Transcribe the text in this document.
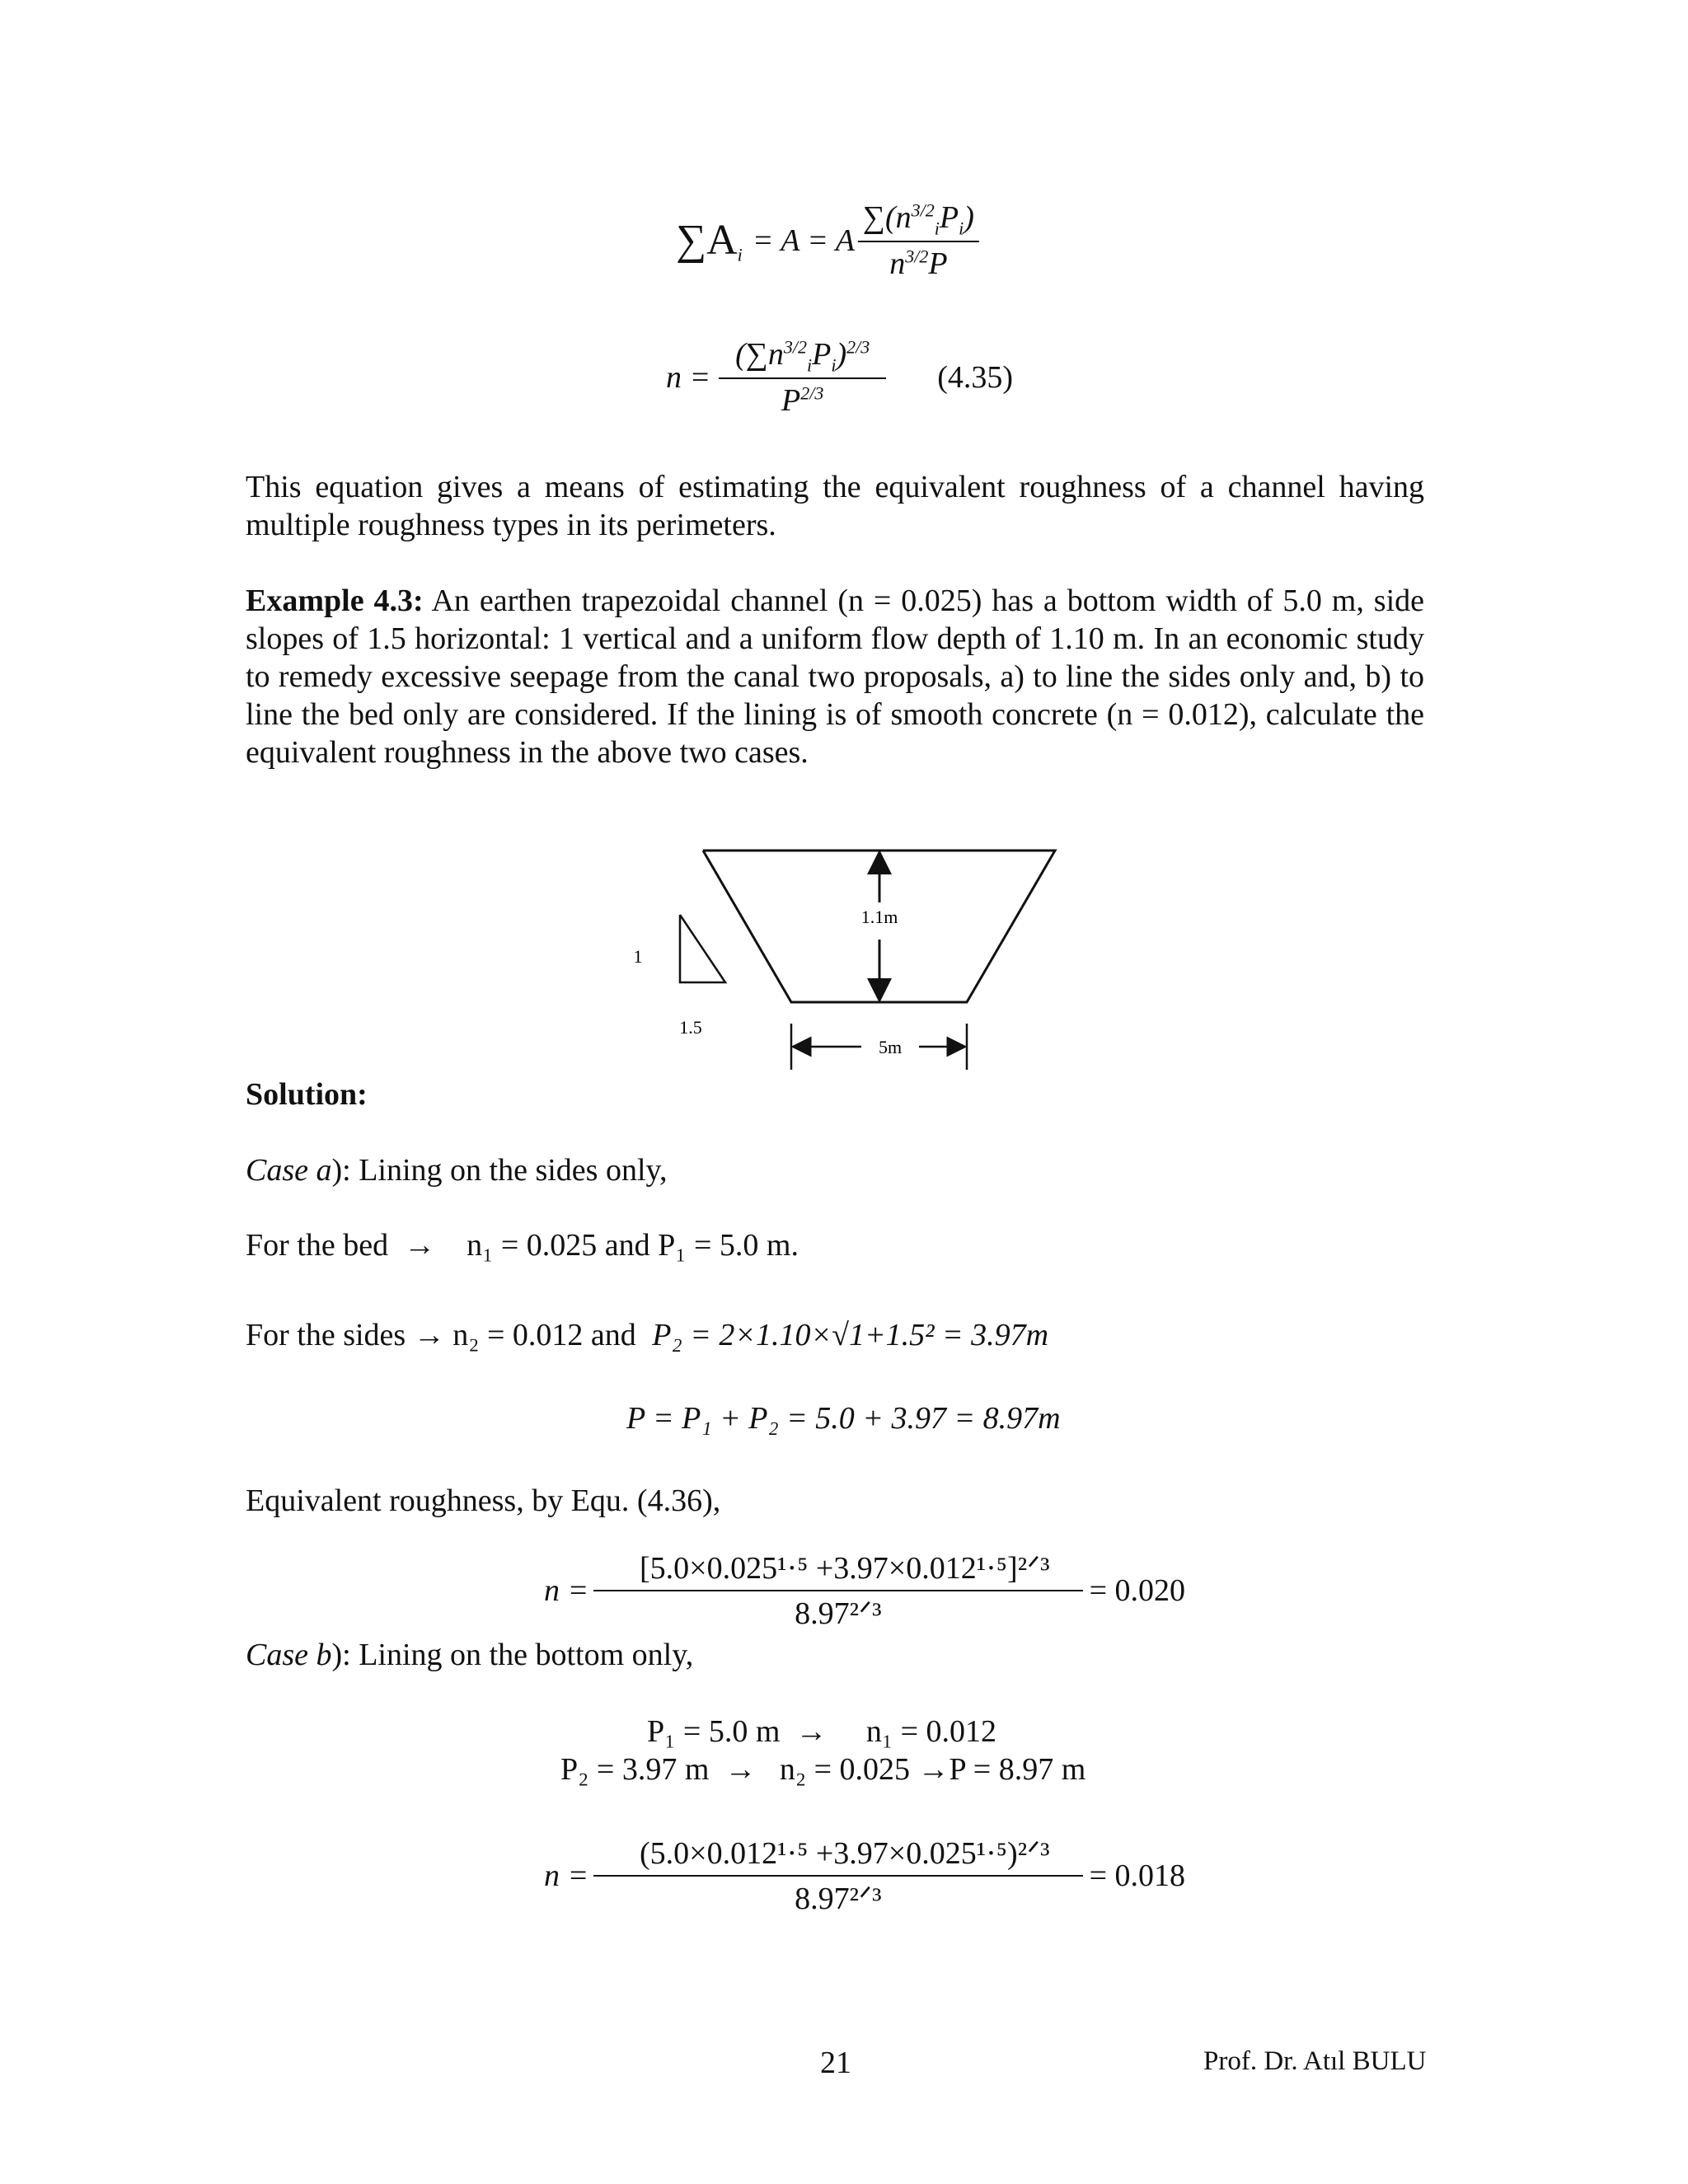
$\sum A_i = A = A \frac{\sum(n^{3/2}_iP_i)}{n^{3/2}P}$
$n = \frac{(\sum n^{3/2}_iP_i)^{2/3}}{P^{2/3}} (4.35)$
This equation gives a means of estimating the equivalent roughness of a channel having multiple roughness types in its perimeters.
Example 4.3: An earthen trapezoidal channel (n = 0.025) has a bottom width of 5.0 m, side slopes of 1.5 horizontal: 1 vertical and a uniform flow depth of 1.10 m. In an economic study to remedy excessive seepage from the canal two proposals, a) to line the sides only and, b) to line the bed only are considered. If the lining is of smooth concrete (n = 0.012), calculate the equivalent roughness in the above two cases.
1.1m
1
1.5
5m
Solution:
Case a): Lining on the sides only,
For the bed  →    n₁ = 0.025 and P₁ = 5.0 m.
For the sides → n₂ = 0.012 and P₂ = 2×1.10×√1+1.5² = 3.97m
P = P₁ + P₂ = 5.0 + 3.97 = 8.97m
Equivalent roughness, by Equ. (4.36),
$n = \frac{\text{[5.0×0.025¹·⁵ +3.97×0.012¹·⁵]²ᐟ³}}{\text{8.97²ᐟ³}} = 0.020$
Case b): Lining on the bottom only,
P₁ = 5.0 m  →     n₁ = 0.012
P₂ = 3.97 m  →   n₂ = 0.025 →P = 8.97 m
$n = \frac{\text{(5.0×0.012¹·⁵ +3.97×0.025¹·⁵)²ᐟ³}}{\text{8.97²ᐟ³}} = 0.018$
21	Prof. Dr. Atıl BULU
